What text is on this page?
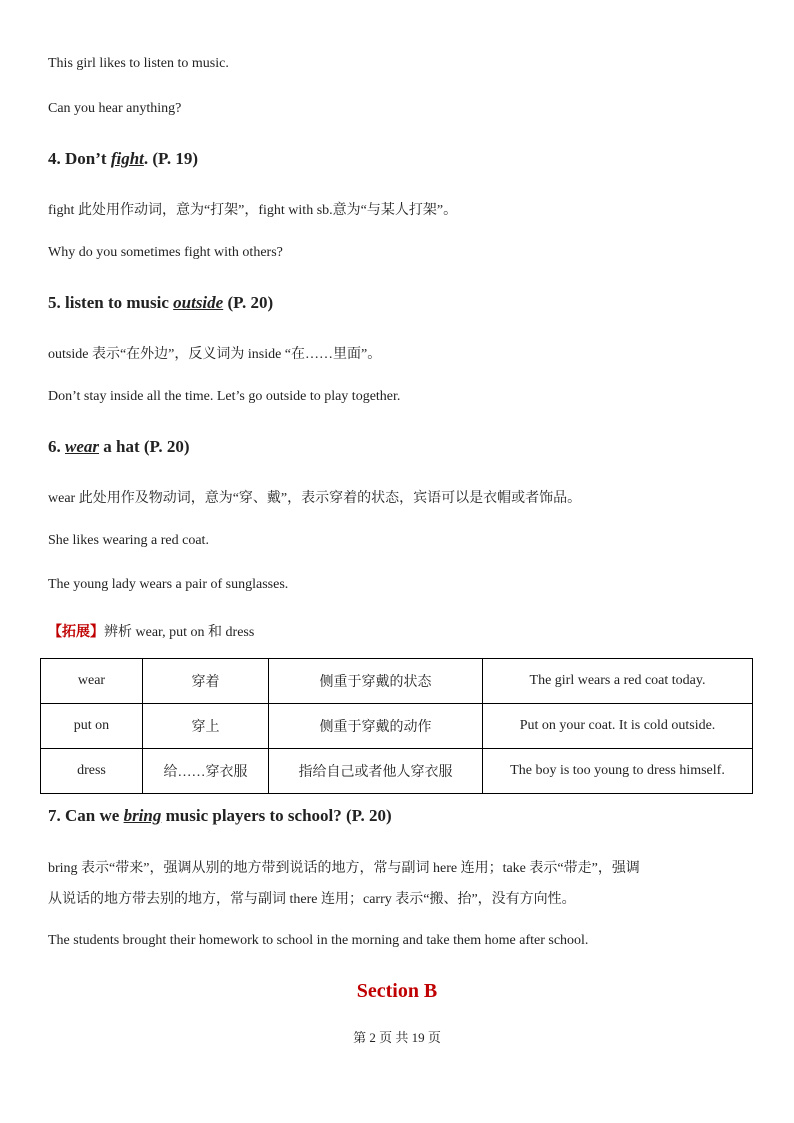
This girl likes to listen to music.
Can you hear anything?
4. Don’t fight. (P. 19)
fight 此处用作动词，意为“打架”，fight with sb.意为“与某人打架”。
Why do you sometimes fight with others?
5. listen to music outside (P. 20)
outside 表示“在外边”，反义词为 inside “在……里面”。
Don’t stay inside all the time. Let’s go outside to play together.
6. wear a hat (P. 20)
wear 此处用作及物动词，意为“穿、戴”，表示穿着的状态，宾语可以是衣帽或者饰品。
She likes wearing a red coat.
The young lady wears a pair of sunglasses.
【拓展】辨析 wear, put on 和 dress
wear	穿着	侧重于穿戴的状态	The girl wears a red coat today.
put on	穿上	侧重于穿戴的动作	Put on your coat. It is cold outside.
dress	给……穿衣服	指给自己或者他人穿衣服	The boy is too young to dress himself.
7. Can we bring music players to school? (P. 20)
bring 表示“带来”，强调从别的地方带到说话的地方，常与副词 here 连用；take 表示“带走”，强调
从说话的地方带去别的地方，常与副词 there 连用；carry 表示“搬、抬”，没有方向性。
The students brought their homework to school in the morning and take them home after school.
Section B
第 2 页 共 19 页
